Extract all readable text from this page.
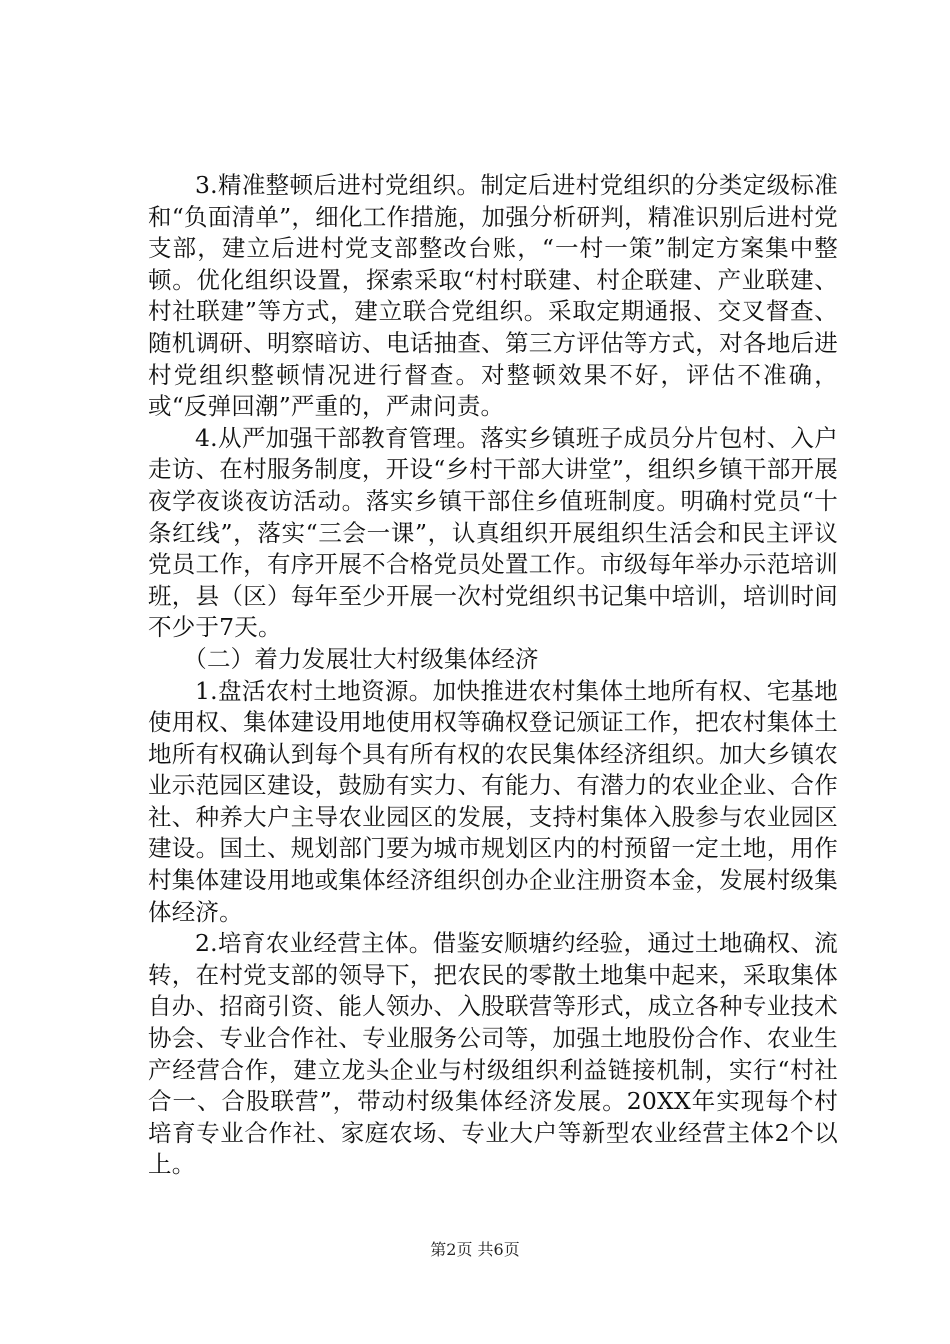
3.精准整顿后进村党组织。制定后进村党组织的分类定级标准和“负面清单”，细化工作措施，加强分析研判，精准识别后进村党支部，建立后进村党支部整改台账，“一村一策”制定方案集中整顿。优化组织设置，探索采取“村村联建、村企联建、产业联建、村社联建”等方式，建立联合党组织。采取定期通报、交叉督查、随机调研、明察暗访、电话抽查、第三方评估等方式，对各地后进村党组织整顿情况进行督查。对整顿效果不好，评估不准确，或“反弹回潮”严重的，严肃问责。

4.从严加强干部教育管理。落实乡镇班子成员分片包村、入户走访、在村服务制度，开设“乡村干部大讲堂”，组织乡镇干部开展夜学夜谈夜访活动。落实乡镇干部住乡值班制度。明确村党员“十条红线”，落实“三会一课”，认真组织开展组织生活会和民主评议党员工作，有序开展不合格党员处置工作。市级每年举办示范培训班，县（区）每年至少开展一次村党组织书记集中培训，培训时间不少于7天。

（二）着力发展壮大村级集体经济

1.盘活农村土地资源。加快推进农村集体土地所有权、宅基地使用权、集体建设用地使用权等确权登记颁证工作，把农村集体土地所有权确认到每个具有所有权的农民集体经济组织。加大乡镇农业示范园区建设，鼓励有实力、有能力、有潜力的农业企业、合作社、种养大户主导农业园区的发展，支持村集体入股参与农业园区建设。国土、规划部门要为城市规划区内的村预留一定土地，用作村集体建设用地或集体经济组织创办企业注册资本金，发展村级集体经济。

2.培育农业经营主体。借鉴安顺塘约经验，通过土地确权、流转，在村党支部的领导下，把农民的零散土地集中起来，采取集体自办、招商引资、能人领办、入股联营等形式，成立各种专业技术协会、专业合作社、专业服务公司等，加强土地股份合作、农业生产经营合作，建立龙头企业与村级组织利益链接机制，实行“村社合一、合股联营”，带动村级集体经济发展。20XX年实现每个村培育专业合作社、家庭农场、专业大户等新型农业经营主体2个以上。

第2页 共6页
